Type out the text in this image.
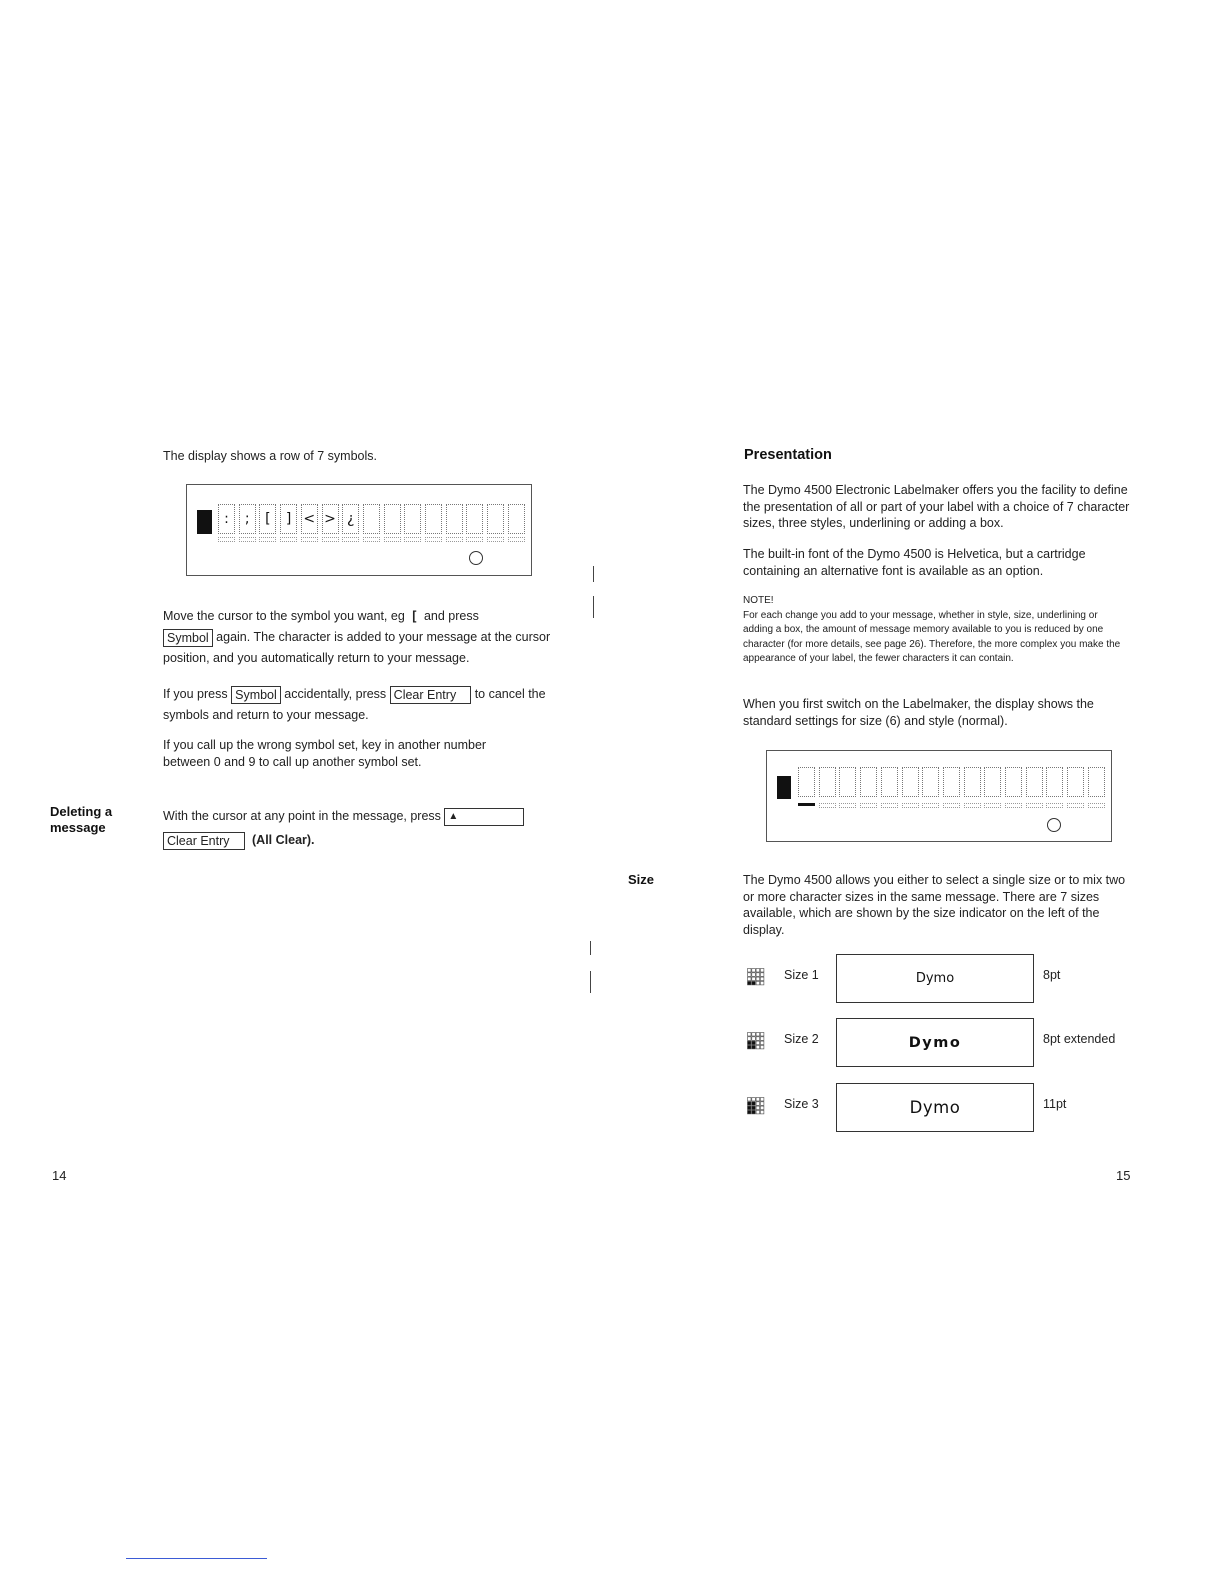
The display shows a row of 7 symbols.
:	;	[	] < > ¿
Move the cursor to the symbol you want, eg [ and press
Symbol again. The character is added to your message at the cursor position, and you automatically return to your message.
If you press Symbol accidentally, press Clear Entry to cancel the symbols and return to your message.
If you call up the wrong symbol set, key in another number between 0 and 9 to call up another symbol set.
Deleting a
message
With the cursor at any point in the message, press ▲
Clear Entry (All Clear).
14
Presentation
The Dymo 4500 Electronic Labelmaker offers you the facility to define the presentation of all or part of your label with a choice of 7 character sizes, three styles, underlining or adding a box.
The built-in font of the Dymo 4500 is Helvetica, but a cartridge containing an alternative font is available as an option.
NOTE!
For each change you add to your message, whether in style, size, underlining or adding a box, the amount of message memory available to you is reduced by one character (for more details, see page 26). Therefore, the more complex you make the appearance of your label, the fewer characters it can contain.
When you first switch on the Labelmaker, the display shows the standard settings for size (6) and style (normal).
Size	The Dymo 4500 allows you either to select a single size or to mix two or more character sizes in the same message. There are 7 sizes available, which are shown by the size indicator on the left of the display.
Size 1	Dymo	8pt
Size 2	Dymo	8pt extended
Size 3	Dymo	11pt
15
